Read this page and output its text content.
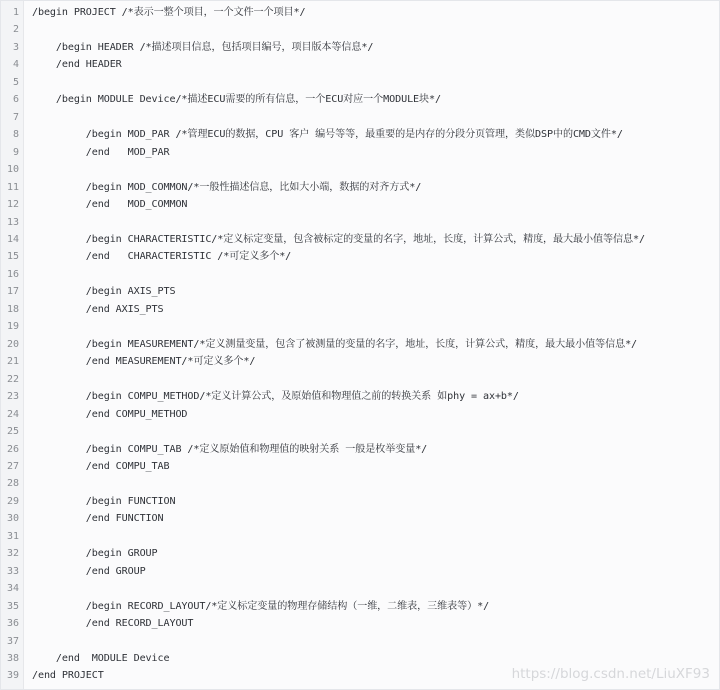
1 /begin PROJECT /*表示一整个项目，一个文件一个项目*/
2
3 /begin HEADER /*描述项目信息，包括项目编号，项目版本等信息*/
4 /end HEADER
5
6 /begin MODULE Device/*描述ECU需要的所有信息，一个ECU对应一个MODULE块*/
7
8 /begin MOD_PAR /*管理ECU的数据，CPU 客户 编号等等，最重要的是内存的分段分页管理，类似DSP中的CMD文件*/
9 /end   MOD_PAR
10
11 /begin MOD_COMMON/*一般性描述信息，比如大小端，数据的对齐方式*/
12 /end   MOD_COMMON
13
14 /begin CHARACTERISTIC/*定义标定变量，包含被标定的变量的名字，地址，长度，计算公式，精度，最大最小值等信息*/
15 /end   CHARACTERISTIC /*可定义多个*/
16
17 /begin AXIS_PTS
18 /end AXIS_PTS
19
20 /begin MEASUREMENT/*定义测量变量，包含了被测量的变量的名字，地址，长度，计算公式，精度，最大最小值等信息*/
21 /end MEASUREMENT/*可定义多个*/
22
23 /begin COMPU_METHOD/*定义计算公式，及原始值和物理值之前的转换关系 如phy = ax+b*/
24 /end COMPU_METHOD
25
26 /begin COMPU_TAB /*定义原始值和物理值的映射关系 一般是枚举变量*/
27 /end COMPU_TAB
28
29 /begin FUNCTION
30 /end FUNCTION
31
32 /begin GROUP
33 /end GROUP
34
35 /begin RECORD_LAYOUT/*定义标定变量的物理存储结构（一维，二维表，三维表等）*/
36 /end RECORD_LAYOUT
37
38 /end  MODULE Device
39 /end PROJECT	https://blog.csdn.net/LiuXF93
